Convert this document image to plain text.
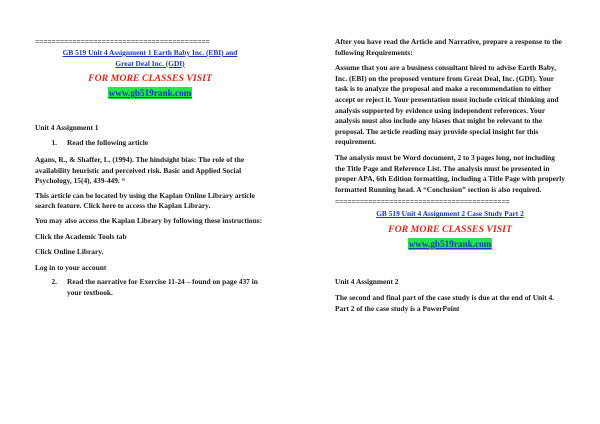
==========================================

GB 519 Unit 4 Assignment 1 Earth Baby Inc. (EBI) and

Great Deal Inc. (GDI)

FOR MORE CLASSES VISIT

www.gb519rank.com

Unit 4 Assignment 1

1.	Read the following article

Agans, R., & Shaffer, L. (1994). The hindsight bias: The role of the availability heuristic and perceived risk. Basic and Applied Social Psychology, 15(4), 439-449. “

This article can be located by using the Kaplan Online Library article search feature. Click here to access the Kaplan Library.

You may also access the Kaplan Library by following these instructions:

Click the Academic Tools tab

Click Online Library.

Log in to your account

2.	Read the narrative for Exercise 11-24 – found on page 437 in your textbook.

After you have read the Article and Narrative, prepare a response to the following Requirements:

Assume that you are a business consultant hired to advise Earth Baby, Inc. (EBI) on the proposed venture from Great Deal, Inc. (GDI). Your task is to analyze the proposal and make a recommendation to either accept or reject it. Your presentation must include critical thinking and analysis supported by evidence using independent references. Your analysis must also include any biases that might be relevant to the proposal. The article reading may provide special insight for this requirement.

The analysis must be Word document, 2 to 3 pages long, not including the Title Page and Reference List. The analysis must be presented in proper APA, 6th Edition formatting, including a Title Page with properly formatted Running head. A “Conclusion” section is also required.

==========================================

GB 519 Unit 4 Assignment 2 Case Study Part 2

FOR MORE CLASSES VISIT

www.gb519rank.com

Unit 4 Assignment 2

The second and final part of the case study is due at the end of Unit 4. Part 2 of the case study is a PowerPoint
